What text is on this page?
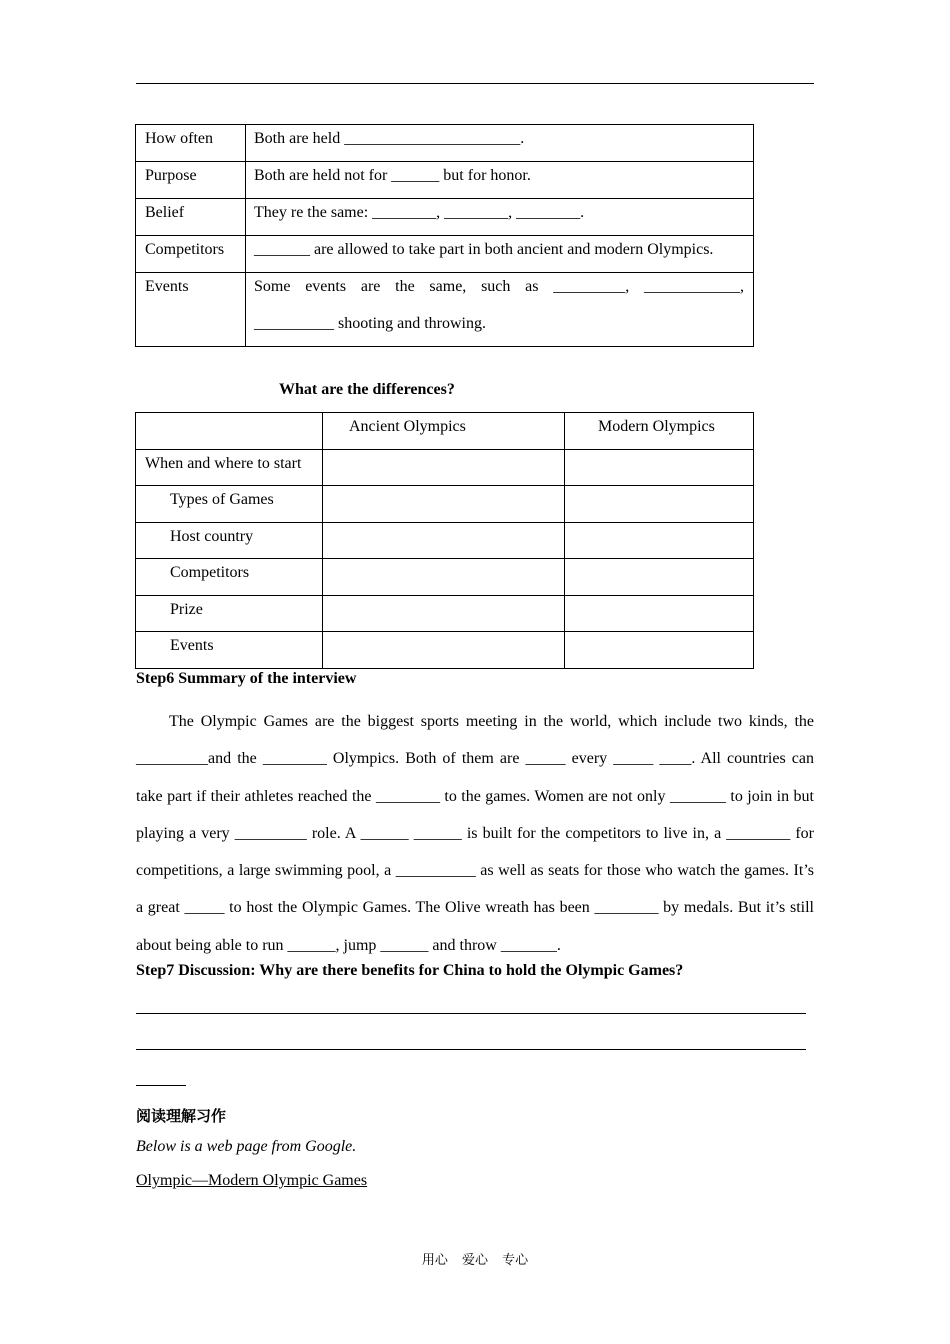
How often	Both are held ______________________.
Purpose	Both are held not for ______ but for honor.
Belief	They re the same: ________, ________, ________.
Competitors	_______ are allowed to take part in both ancient and modern Olympics.
Events	Some events are the same, such as _________, ____________,
__________ shooting and throwing.
What are the differences?
	Ancient Olympics	Modern Olympics
When and where to start		
Types of Games		
Host country		
Competitors		
Prize		
Events		
Step6 Summary of the interview

The Olympic Games are the biggest sports meeting in the world, which include two kinds, the _________and the ________ Olympics. Both of them are _____ every _____ ____. All countries can take part if their athletes reached the ________ to the games. Women are not only _______ to join in but playing a very _________ role. A ______ ______ is built for the competitors to live in, a ________ for competitions, a large swimming pool, a __________ as well as seats for those who watch the games. It’s a great _____ to host the Olympic Games. The Olive wreath has been ________ by medals. But it’s still about being able to run ______, jump ______ and throw _______.

Step7 Discussion: Why are there benefits for China to hold the Olympic Games?
阅读理解习作
Below is a web page from Google.
Olympic—Modern Olympic Games
用心 爱心 专心
